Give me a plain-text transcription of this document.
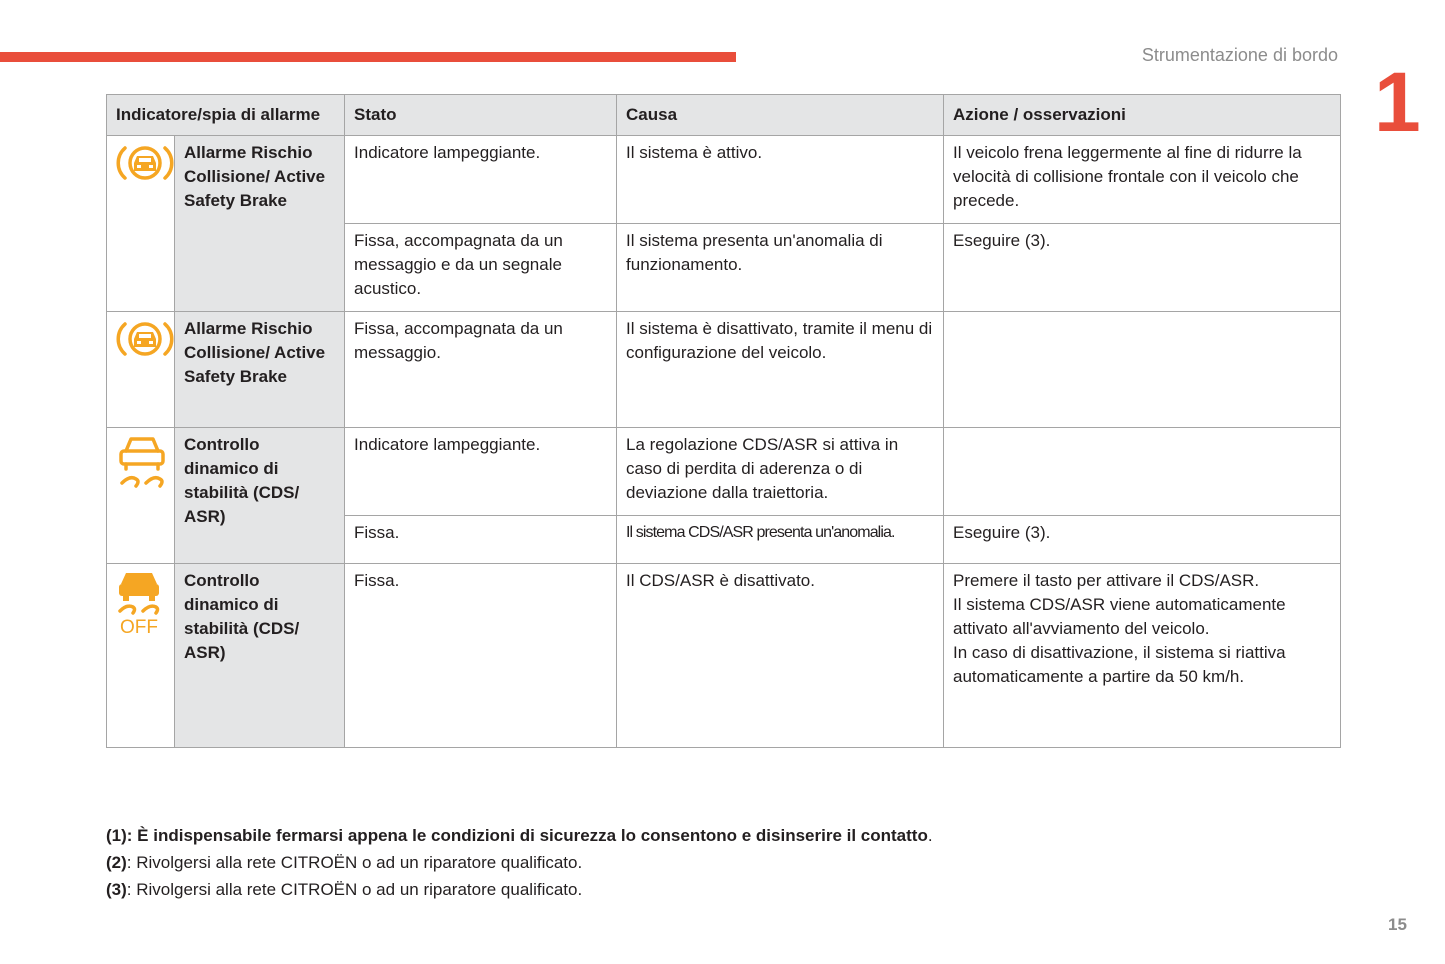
Strumentazione di bordo 1
Indicatore/spia di allarme		Stato	Causa	Azione / osservazioni
	Allarme Rischio Collisione/ Active Safety Brake	Indicatore lampeggiante.	Il sistema è attivo.	Il veicolo frena leggermente al fine di ridurre la velocità di collisione frontale con il veicolo che precede.
		Fissa, accompagnata da un messaggio e da un segnale acustico.	Il sistema presenta un'anomalia di funzionamento.	Eseguire (3).
	Allarme Rischio Collisione/ Active Safety Brake	Fissa, accompagnata da un messaggio.	Il sistema è disattivato, tramite il menu di configurazione del veicolo.	
	Controllo dinamico di stabilità (CDS/ ASR)	Indicatore lampeggiante.	La regolazione CDS/ASR si attiva in caso di perdita di aderenza o di deviazione dalla traiettoria.	
		Fissa.	Il sistema CDS/ASR presenta un'anomalia.	Eseguire (3).

OFF	Controllo dinamico di stabilità (CDS/ ASR)	Fissa.	Il CDS/ASR è disattivato.	Premere il tasto per attivare il CDS/ASR.
Il sistema CDS/ASR viene automaticamente attivato all'avviamento del veicolo.
In caso di disattivazione, il sistema si riattiva automaticamente a partire da 50 km/h.
(1): È indispensabile fermarsi appena le condizioni di sicurezza lo consentono e disinserire il contatto.
(2): Rivolgersi alla rete CITROËN o ad un riparatore qualificato.
(3): Rivolgersi alla rete CITROËN o ad un riparatore qualificato.
15
